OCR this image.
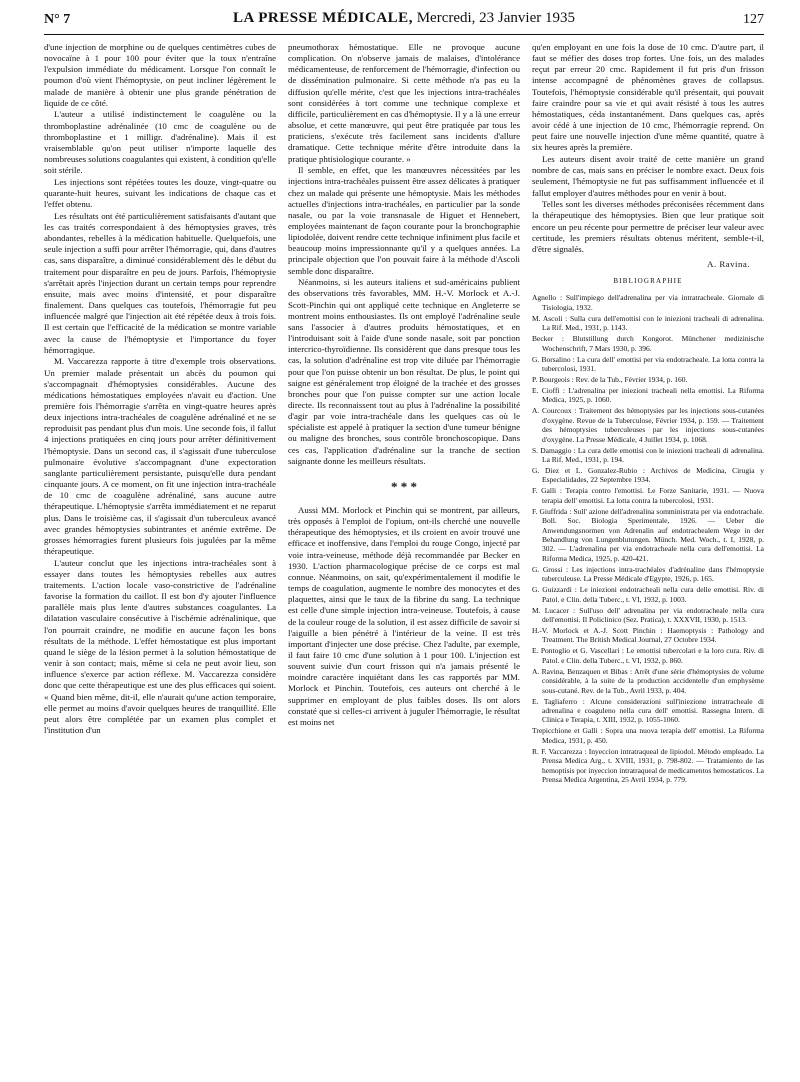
N° 7	LA PRESSE MÉDICALE, Mercredi, 23 Janvier 1935	127

d'une injection de morphine ou de quelques centimètres cubes de novocaïne à 1 pour 100 pour éviter que la toux n'entraîne l'expulsion immédiate du médicament. Lorsque l'on connaît le poumon d'où vient l'hémoptysie, on peut incliner légèrement le malade de manière à obtenir une plus grande pénétration de liquide de ce côté.

L'auteur a utilisé indistinctement le coagulène ou la thromboplastine adrénalinée (10 cmc de coagulène ou de thromboplastine et 1 milligr. d'adrénaline). Mais il est vraisemblable qu'on peut utiliser n'importe laquelle des nombreuses solutions coagulantes qui existent, à condition qu'elle soit stérile.

Les injections sont répétées toutes les douze, vingt-quatre ou quarante-huit heures, suivant les indications de chaque cas et l'effet obtenu.

Les résultats ont été particulièrement satisfaisants d'autant que les cas traités correspondaient à des hémoptysies graves, très abondantes, rebelles à la médication habituelle. Quelquefois, une seule injection a suffi pour arrêter l'hémorragie, qui, dans d'autres cas, sans disparaître, a diminué considérablement dès le début du traitement pour disparaître en peu de jours. Parfois, l'hémoptysie s'arrêtait après l'injection durant un certain temps pour reprendre ensuite, mais avec moins d'intensité, et pour disparaître finalement. Dans quelques cas toutefois, l'hémorragie fut peu influencée malgré que l'injection ait été répétée deux à trois fois. Il est certain que l'efficacité de la médication se montre variable avec la cause de l'hémoptysie et l'importance du foyer hémorragique.

M. Vaccarezza rapporte à titre d'exemple trois observations. Un premier malade présentait un abcès du poumon qui s'accompagnait d'hémoptysies considérables. Aucune des médications hémostatiques employées n'avait eu d'action. Une première fois l'hémorragie s'arrêta en vingt-quatre heures après deux injections intra-trachéales de coagulène adrénaliné et ne se reproduisit pas pendant plus d'un mois. Une seconde fois, il fallut 4 injections pratiquées en cinq jours pour arrêter définitivement l'hémoptysie. Dans un second cas, il s'agissait d'une tuberculose pulmonaire évolutive s'accompagnant d'une expectoration sanglante particulièrement persistante, puisqu'elle dura pendant cinquante jours. A ce moment, on fit une injection intra-trachéale de 10 cmc de coagulène adrénaliné, sans aucune autre thérapeutique. L'hémoptysie s'arrêta immédiatement et ne reparut plus. Dans le troisième cas, il s'agissait d'un tuberculeux avancé avec grandes hémoptysies subintrantes et anémie extrême. De grosses hémorragies furent plusieurs fois jugulées par la même thérapeutique.

L'auteur conclut que les injections intra-trachéales sont à essayer dans toutes les hémoptysies rebelles aux autres traitements. L'action locale vaso-constrictive de l'adrénaline favorise la formation du caillot. Il est bon d'y ajouter l'influence parallèle mais plus lente d'autres substances coagulantes. La dilatation vasculaire consécutive à l'ischémie adrénalinique, que l'on pourrait craindre, ne modifie en aucune façon les bons résultats de la méthode. L'effet hémostatique est plus important quand le siège de la lésion permet à la solution hémostatique de venir à son contact; mais, même si cela ne peut avoir lieu, son influence s'exerce par action réflexe. M. Vaccarezza considère donc que cette thérapeutique est une des plus efficaces qui soient. « Quand bien même, dit-il, elle n'aurait qu'une action temporaire, elle permet au moins d'avoir quelques heures de tranquillité. Elle peut alors être complétée par un examen plus complet et l'institution d'un

pneumothorax hémostatique. Elle ne provoque aucune complication. On n'observe jamais de malaises, d'intolérance médicamenteuse, de renforcement de l'hémorragie, d'infection ou de dissémination pulmonaire. Si cette méthode n'a pas eu la diffusion qu'elle mérite, c'est que les injections intra-trachéales sont considérées à tort comme une technique complexe et difficile, particulièrement en cas d'hémoptysie. Il y a là une erreur absolue, et cette manœuvre, qui peut être pratiquée par tous les praticiens, s'exécute très facilement sans incidents d'allure dramatique. Cette technique mérite d'être introduite dans la pratique phtisiologique courante. »

Il semble, en effet, que les manœuvres nécessitées par les injections intra-trachéales puissent être assez délicates à pratiquer chez un malade qui présente une hémoptysie. Mais les méthodes actuelles d'injections intra-trachéales, en particulier par la sonde nasale, ou par la voie transnasale de Higuet et Hennebert, employées maintenant de façon courante pour la bronchographie lipiodolée, doivent rendre cette technique infiniment plus facile et beaucoup moins impressionnante qu'il y a quelques années. La principale objection que l'on pouvait faire à la méthode d'Ascoli semble donc disparaître.

Néanmoins, si les auteurs italiens et sud-américains publient des observations très favorables, MM. H.-V. Morlock et A.-J. Scott-Pinchin qui ont appliqué cette technique en Angleterre se montrent moins enthousiastes. Ils ont employé l'adrénaline seule sans l'associer à d'autres produits hémostatiques, et en l'introduisant soit à l'aide d'une sonde nasale, soit par ponction intercrico-thyroïdienne. Ils considèrent que dans presque tous les cas, la solution d'adrénaline est trop vite diluée par l'hémorragie pour que l'on puisse obtenir un bon résultat. De plus, le point qui saigne est généralement trop éloigné de la trachée et des grosses bronches pour que l'on puisse compter sur une action locale directe. Ils reconnaissent tout au plus à l'adrénaline la possibilité d'agir par voie intra-trachéale dans les quelques cas où le spécialiste est appelé à pratiquer la section d'une tumeur bénigne ou maligne des bronches, sous contrôle bronchoscopique. Dans ces cas, l'application d'adrénaline sur la tranche de section saignante donne les meilleurs résultats.

* * *

Aussi MM. Morlock et Pinchin qui se montrent, par ailleurs, très opposés à l'emploi de l'opium, ont-ils cherché une nouvelle thérapeutique des hémoptysies, et ils croient en avoir trouvé une efficace et inoffensive, dans l'emploi du rouge Congo, injecté par voie intra-veineuse, méthode déjà recommandée par Becker en 1930. L'action pharmacologique précise de ce corps est mal connue. Néanmoins, on sait, qu'expérimentalement il modifie le temps de coagulation, augmente le nombre des monocytes et des plaquettes, ainsi que le taux de la fibrine du sang. La technique est celle d'une simple injection intra-veineuse. Toutefois, à cause de la couleur rouge de la solution, il est assez difficile de savoir si l'aiguille a bien pénétré à l'intérieur de la veine. Il est très important d'injecter une dose précise. Chez l'adulte, par exemple, il faut faire 10 cmc d'une solution à 1 pour 100. L'injection est souvent suivie d'un court frisson qui n'a jamais présenté le moindre caractère inquiétant dans les cas rapportés par MM. Morlock et Pinchin. Toutefois, ces auteurs ont cherché à le supprimer en employant de plus faibles doses. Ils ont alors constaté que si celles-ci arrivent à juguler l'hémorragie, le résultat est moins net

qu'en employant en une fois la dose de 10 cmc. D'autre part, il faut se méfier des doses trop fortes. Une fois, un des malades reçut par erreur 20 cmc. Rapidement il fut pris d'un frisson intense accompagné de phénomènes graves de collapsus. Toutefois, l'hémoptysie considérable qu'il présentait, qui pouvait faire craindre pour sa vie et qui avait résisté à tous les autres hémostatiques, céda instantanément. Dans quelques cas, après avoir cédé à une injection de 10 cmc, l'hémorragie reprend. On peut faire une nouvelle injection d'une même quantité, quatre à six heures après la première.

Les auteurs disent avoir traité de cette manière un grand nombre de cas, mais sans en préciser le nombre exact. Deux fois seulement, l'hémoptysie ne fut pas suffisamment influencée et il fallut employer d'autres méthodes pour en venir à bout.

Telles sont les diverses méthodes préconisées récemment dans la thérapeutique des hémoptysies. Bien que leur pratique soit encore un peu récente pour permettre de préciser leur valeur avec certitude, les premiers résultats obtenus méritent, semble-t-il, d'être signalés.

A. Ravina.
BIBLIOGRAPHIE
Agnello : Sull'impiego dell'adrenalina per via intratracheale. Giornale di Tisiologia, 1932.
M. Ascoli : Sulla cura dell'emottisi con le iniezioni tracheali di adrenalina. La Rif. Med., 1931, p. 1143.
Becker : Blutstillung durch Kongorot. Münchener medizinische Wochenschrift, 7 Mars 1930, p. 396.
G. Borsalino : La cura dell' emottisi per via endotracheale. La lotta contra la tubercolosi, 1931.
P. Bourgeois : Rev. de la Tub., Février 1934, p. 160.
E. Cioffi : L'adrenalina per iniezioni tracheali nella emottisi. La Riforma Medica, 1925, p. 1060.
A. Courcoux : Traitement des hémoptysies par les injections sous-cutanées d'oxygène. Revue de la Tuberculose, Février 1934, p. 159. — Traitement des hémoptysies tuberculeuses par les injections sous-cutanées d'oxygène. La Presse Médicale, 4 Juillet 1934, p. 1068.
S. Damaggio : La cura delle emottisi con le iniezioni tracheali di adrenalina. La Rif. Med., 1931, p. 194.
G. Diez et L. Gonzalez-Rubio : Archivos de Medicina, Cirugia y Especialidades, 22 Septembre 1934.
F. Galli : Terapia contro l'emottisi. Le Forze Sanitarie, 1931. — Nuova terapia dell' emottisi. La lotta contra la tubercolosi, 1931.
F. Giuffrida : Sull' azione dell'adrenalina somministrata per via endotrachale. Boll. Soc. Biologia Sperimentale, 1926. — Ueber die Anwendungsnormen von Adrenalin auf endotrachealem Wege in der Behandlung von Lungenblutungen. Münch. Med. Woch., t. I, 1928, p. 302. — L'adrenalina per via endotracheale nella cura dell'emottisi. La Riforma Medica, 1925, p. 420-421.
G. Grossi : Les injections intra-trachéales d'adrénaline dans l'hémoptysie tuberculeuse. La Presse Médicale d'Egypte, 1926, p. 165.
G. Guizzardi : Le iniezioni endotracheali nella cura delle emottisi. Riv. di Patol. e Clin. della Tuberc., t. VI, 1932, p. 1003.
M. Lucacer : Sull'uso dell' adrenalina per via endotracheale nella cura dell'emottisi. Il Policlinico (Sez. Pratica), t. XXXVII, 1930, p. 1513.
H.-V. Morlock et A.-J. Scott Pinchin : Haemoptysis : Pathology and Treatment. The British Medical Journal, 27 Octobre 1934.
E. Pontoglio et G. Vascellari : Le emottisi tubercolari e la loro cura. Riv. di Patol. e Clin. della Tuberc., t. VI, 1932, p. 860.
A. Ravina, Benzaquen et Bibas : Arrêt d'une série d'hémoptysies de volume considérable, à la suite de la production accidentelle d'un emphysème sous-cutané. Rev. de la Tub., Avril 1933, p. 404.
E. Tagliaferro : Alcune considerazioni sull'iniezione intratracheale di adrenalina e coaguleno nella cura dell' emottisi. Rassegna Intern. di Clinica e Terapia, t. XIII, 1932, p. 1055-1060.
Trepicchione et Galli : Sopra una nuova terapia dell' emottisi. La Riforma Medica, 1931, p. 450.
R. F. Vaccarezza : Inyeccion intratraqueal de lipiodol. Método empleado. La Prensa Medica Arg., t. XVIII, 1931, p. 798-802. — Tratamiento de las hemoptisis por inyeccion intratraqueal de medicamentos hemostaticos. La Prensa Medica Argentina, 25 Avril 1934, p. 779.
